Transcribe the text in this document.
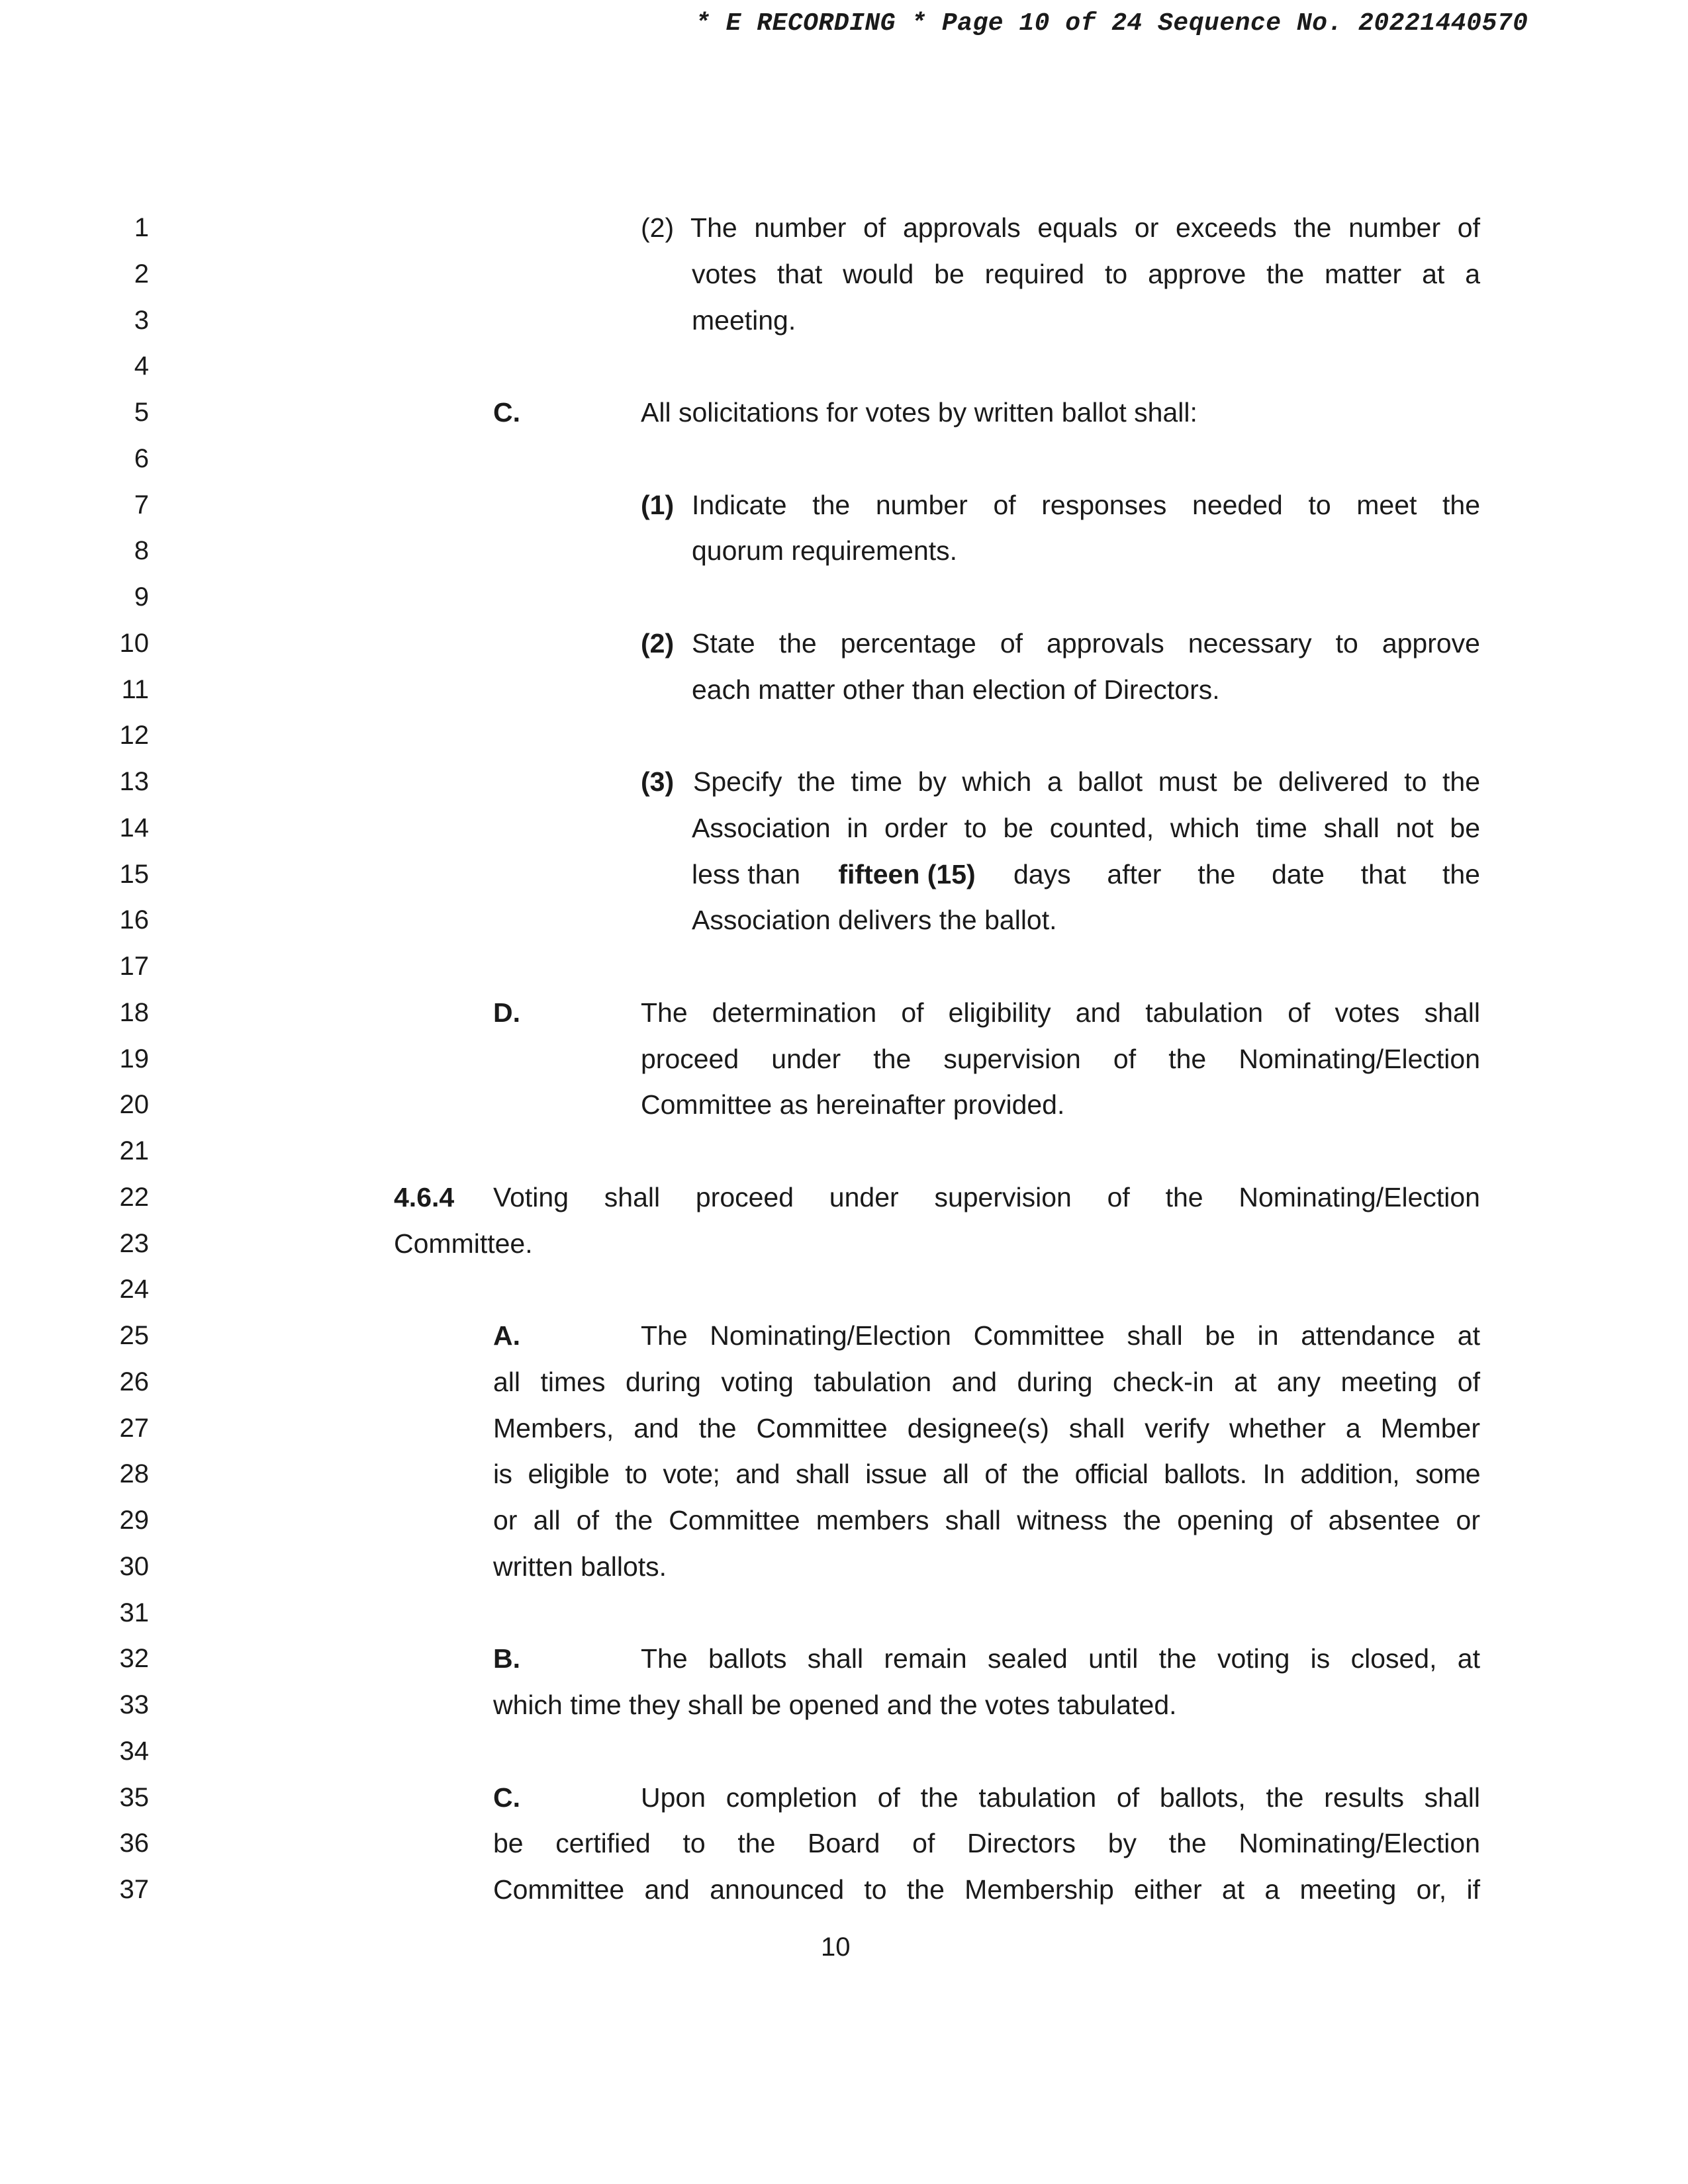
* E RECORDING * Page 10 of 24 Sequence No. 20221440570
1
2
3
4
5
6
7
8
9
10
11
12
13
14
15
16
17
18
19
20
21
22
23
24
25
26
27
28
29
30
31
32
33
34
35
36
37
(2) The number of approvals equals or exceeds the number of
votes that would be required to approve the matter at a
meeting.
C.	All solicitations for votes by written ballot shall:
(1) Indicate the number of responses needed to meet the
quorum requirements.
(2) State the percentage of approvals necessary to approve
each matter other than election of Directors.
(3) Specify the time by which a ballot must be delivered to the
Association in order to be counted, which time shall not be
less than fifteen (15) days after the date that the
Association delivers the ballot.
D.	The determination of eligibility and tabulation of votes shall
proceed under the supervision of the Nominating/Election
Committee as hereinafter provided.
4.6.4 Voting shall proceed under supervision of the Nominating/Election
Committee.
A.	The Nominating/Election Committee shall be in attendance at
all times during voting tabulation and during check-in at any meeting of
Members, and the Committee designee(s) shall verify whether a Member
is eligible to vote; and shall issue all of the official ballots. In addition, some
or all of the Committee members shall witness the opening of absentee or
written ballots.
B.	The ballots shall remain sealed until the voting is closed, at
which time they shall be opened and the votes tabulated.
C.	Upon completion of the tabulation of ballots, the results shall
be certified to the Board of Directors by the Nominating/Election
Committee and announced to the Membership either at a meeting or, if
10
